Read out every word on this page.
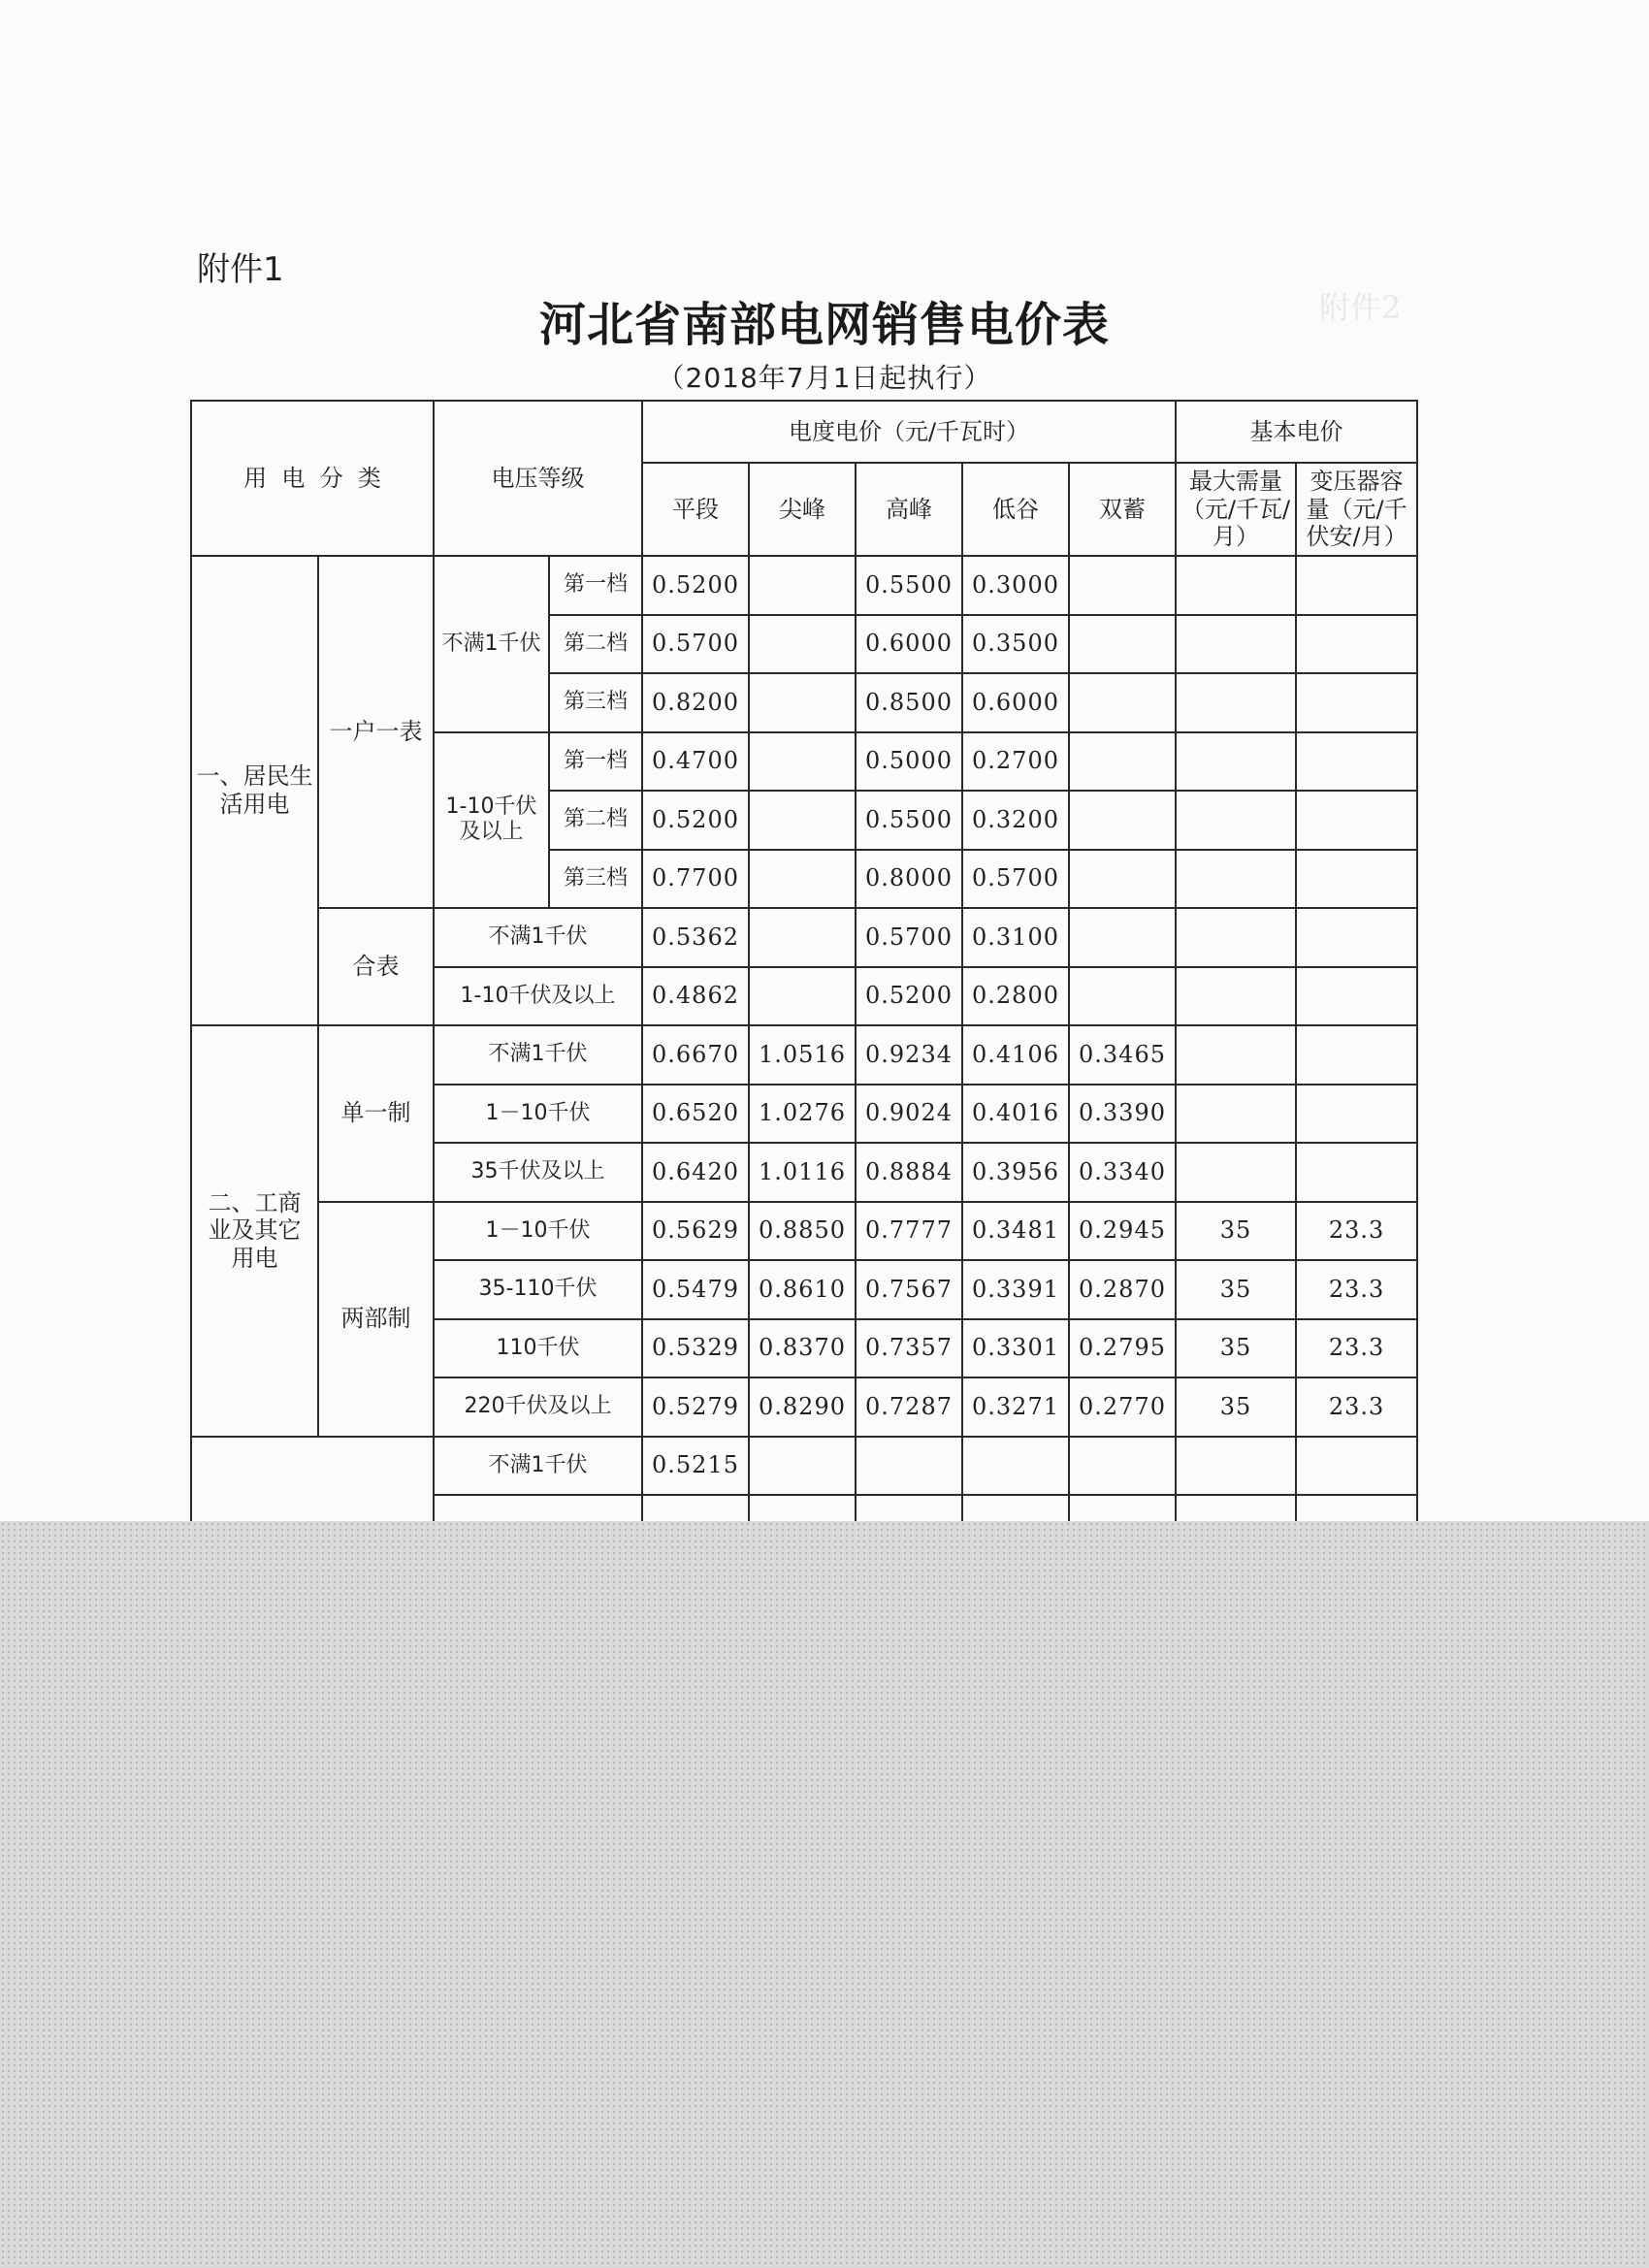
附件2
附件1
河北省南部电网销售电价表
（2018年7月1日起执行）
用  电  分  类		电压等级		电度电价（元/千瓦时）					基本电价	
				平段	尖峰	高峰	低谷	双蓄	最大需量（元/千瓦/月）	变压器容量（元/千伏安/月）
一、居民生活用电	一户一表	不满1千伏	第一档	0.5200		0.5500	0.3000			
			第二档	0.5700		0.6000	0.3500			
			第三档	0.8200		0.8500	0.6000			
		1-10千伏及以上	第一档	0.4700		0.5000	0.2700			
			第二档	0.5200		0.5500	0.3200			
			第三档	0.7700		0.8000	0.5700			
	合表	不满1千伏		0.5362		0.5700	0.3100			
		1-10千伏及以上		0.4862		0.5200	0.2800			
二、工商业及其它用电	单一制	不满1千伏		0.6670	1.0516	0.9234	0.4106	0.3465		
		1－10千伏		0.6520	1.0276	0.9024	0.4016	0.3390		
		35千伏及以上		0.6420	1.0116	0.8884	0.3956	0.3340		
	两部制	1－10千伏		0.5629	0.8850	0.7777	0.3481	0.2945	35	23.3
		35-110千伏		0.5479	0.8610	0.7567	0.3391	0.2870	35	23.3
		110千伏		0.5329	0.8370	0.7357	0.3301	0.2795	35	23.3
		220千伏及以上		0.5279	0.8290	0.7287	0.3271	0.2770	35	23.3
		不满1千伏		0.5215						
